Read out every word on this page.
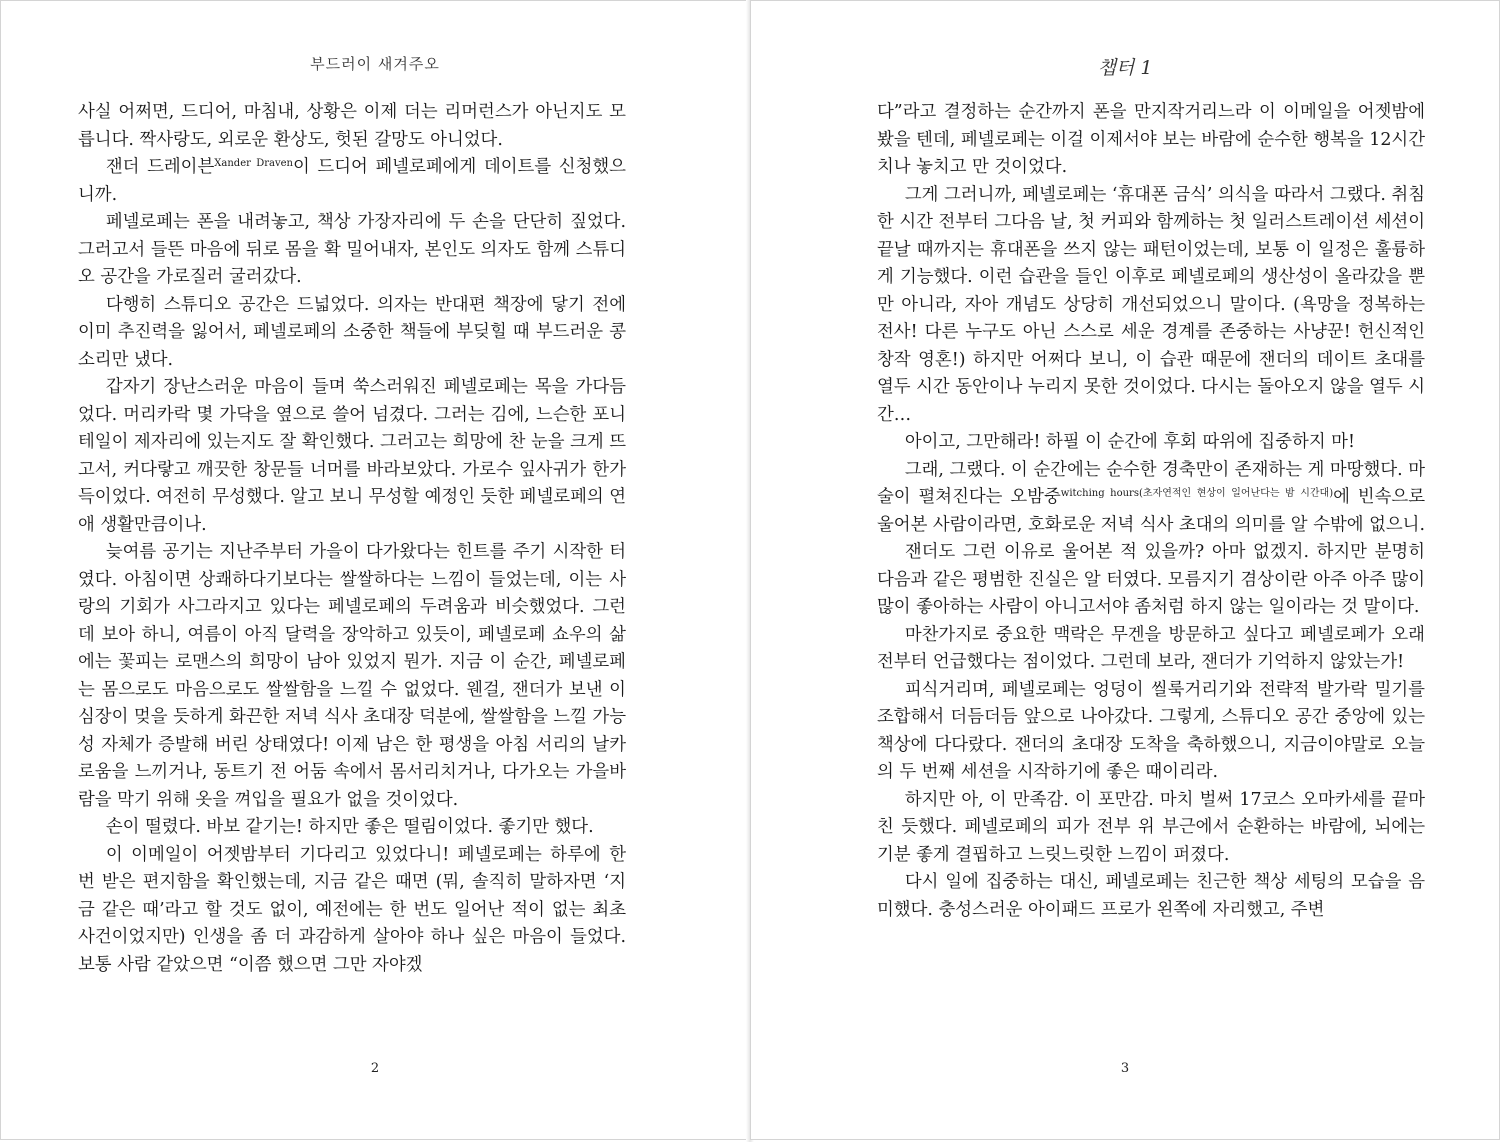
부드러이 새겨주오

사실 어쩌면, 드디어, 마침내, 상황은 이제 더는 리머런스가 아닌지도 모릅니다. 짝사랑도, 외로운 환상도, 헛된 갈망도 아니었다.

잰더 드레이븐$^{Xander Draven}$이 드디어 페넬로페에게 데이트를 신청했으니까.

페넬로페는 폰을 내려놓고, 책상 가장자리에 두 손을 단단히 짚었다. 그러고서 들뜬 마음에 뒤로 몸을 확 밀어내자, 본인도 의자도 함께 스튜디오 공간을 가로질러 굴러갔다.

다행히 스튜디오 공간은 드넓었다. 의자는 반대편 책장에 닿기 전에 이미 추진력을 잃어서, 페넬로페의 소중한 책들에 부딪힐 때 부드러운 콩 소리만 냈다.

갑자기 장난스러운 마음이 들며 쑥스러워진 페넬로페는 목을 가다듬었다. 머리카락 몇 가닥을 옆으로 쓸어 넘겼다. 그러는 김에, 느슨한 포니테일이 제자리에 있는지도 잘 확인했다. 그러고는 희망에 찬 눈을 크게 뜨고서, 커다랗고 깨끗한 창문들 너머를 바라보았다. 가로수 잎사귀가 한가득이었다. 여전히 무성했다. 알고 보니 무성할 예정인 듯한 페넬로페의 연애 생활만큼이나.

늦여름 공기는 지난주부터 가을이 다가왔다는 힌트를 주기 시작한 터였다. 아침이면 상쾌하다기보다는 쌀쌀하다는 느낌이 들었는데, 이는 사랑의 기회가 사그라지고 있다는 페넬로페의 두려움과 비슷했었다. 그런데 보아 하니, 여름이 아직 달력을 장악하고 있듯이, 페넬로페 쇼우의 삶에는 꽃피는 로맨스의 희망이 남아 있었지 뭔가. 지금 이 순간, 페넬로페는 몸으로도 마음으로도 쌀쌀함을 느낄 수 없었다. 웬걸, 잰더가 보낸 이 심장이 멎을 듯하게 화끈한 저녁 식사 초대장 덕분에, 쌀쌀함을 느낄 가능성 자체가 증발해 버린 상태였다! 이제 남은 한 평생을 아침 서리의 날카로움을 느끼거나, 동트기 전 어둠 속에서 몸서리치거나, 다가오는 가을바람을 막기 위해 옷을 껴입을 필요가 없을 것이었다.

손이 떨렸다. 바보 같기는! 하지만 좋은 떨림이었다. 좋기만 했다.

이 이메일이 어젯밤부터 기다리고 있었다니! 페넬로페는 하루에 한 번 받은 편지함을 확인했는데, 지금 같은 때면 (뭐, 솔직히 말하자면 ‘지금 같은 때’라고 할 것도 없이, 예전에는 한 번도 일어난 적이 없는 최초 사건이었지만) 인생을 좀 더 과감하게 살아야 하나 싶은 마음이 들었다. 보통 사람 같았으면 “이쯤 했으면 그만 자야겠

2
챕터 1

다”라고 결정하는 순간까지 폰을 만지작거리느라 이 이메일을 어젯밤에 봤을 텐데, 페넬로페는 이걸 이제서야 보는 바람에 순수한 행복을 12시간 치나 놓치고 만 것이었다.

그게 그러니까, 페넬로페는 ‘휴대폰 금식’ 의식을 따라서 그랬다. 취침 한 시간 전부터 그다음 날, 첫 커피와 함께하는 첫 일러스트레이션 세션이 끝날 때까지는 휴대폰을 쓰지 않는 패턴이었는데, 보통 이 일정은 훌륭하게 기능했다. 이런 습관을 들인 이후로 페넬로페의 생산성이 올라갔을 뿐만 아니라, 자아 개념도 상당히 개선되었으니 말이다. (욕망을 정복하는 전사! 다른 누구도 아닌 스스로 세운 경계를 존중하는 사냥꾼! 헌신적인 창작 영혼!) 하지만 어쩌다 보니, 이 습관 때문에 잰더의 데이트 초대를 열두 시간 동안이나 누리지 못한 것이었다. 다시는 돌아오지 않을 열두 시간…

아이고, 그만해라! 하필 이 순간에 후회 따위에 집중하지 마!

그래, 그랬다. 이 순간에는 순수한 경축만이 존재하는 게 마땅했다. 마술이 펼쳐진다는 오밤중$^{witching hours(초자연적인 현상이 일어난다는 밤 시간대)}$에 빈속으로 울어본 사람이라면, 호화로운 저녁 식사 초대의 의미를 알 수밖에 없으니.

잰더도 그런 이유로 울어본 적 있을까? 아마 없겠지. 하지만 분명히 다음과 같은 평범한 진실은 알 터였다. 모름지기 겸상이란 아주 아주 많이 많이 좋아하는 사람이 아니고서야 좀처럼 하지 않는 일이라는 것 말이다.

마찬가지로 중요한 맥락은 무겐을 방문하고 싶다고 페넬로페가 오래전부터 언급했다는 점이었다. 그런데 보라, 잰더가 기억하지 않았는가!

피식거리며, 페넬로페는 엉덩이 씰룩거리기와 전략적 발가락 밀기를 조합해서 더듬더듬 앞으로 나아갔다. 그렇게, 스튜디오 공간 중앙에 있는 책상에 다다랐다. 잰더의 초대장 도착을 축하했으니, 지금이야말로 오늘의 두 번째 세션을 시작하기에 좋은 때이리라.

하지만 아, 이 만족감. 이 포만감. 마치 벌써 17코스 오마카세를 끝마친 듯했다. 페넬로페의 피가 전부 위 부근에서 순환하는 바람에, 뇌에는 기분 좋게 결핍하고 느릿느릿한 느낌이 퍼졌다.

다시 일에 집중하는 대신, 페넬로페는 친근한 책상 세팅의 모습을 음미했다. 충성스러운 아이패드 프로가 왼쪽에 자리했고, 주변

3
